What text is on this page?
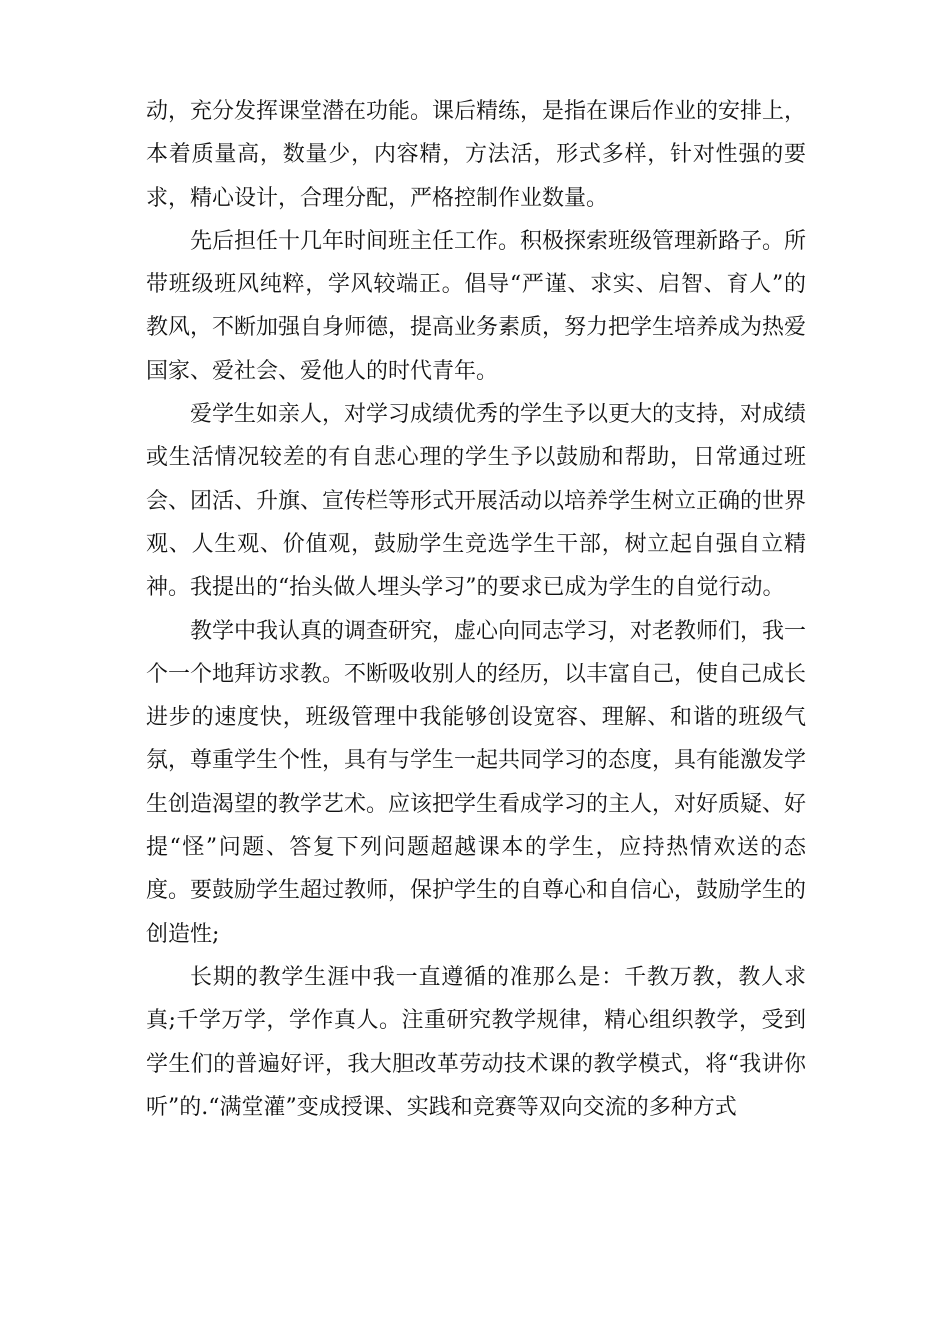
动，充分发挥课堂潜在功能。课后精练，是指在课后作业的安排上，本着质量高，数量少，内容精，方法活，形式多样，针对性强的要求，精心设计，合理分配，严格控制作业数量。

先后担任十几年时间班主任工作。积极探索班级管理新路子。所带班级班风纯粹，学风较端正。倡导“严谨、求实、启智、育人”的教风，不断加强自身师德，提高业务素质，努力把学生培养成为热爱国家、爱社会、爱他人的时代青年。

爱学生如亲人，对学习成绩优秀的学生予以更大的支持，对成绩或生活情况较差的有自悲心理的学生予以鼓励和帮助，日常通过班会、团活、升旗、宣传栏等形式开展活动以培养学生树立正确的世界观、人生观、价值观，鼓励学生竞选学生干部，树立起自强自立精神。我提出的“抬头做人埋头学习”的要求已成为学生的自觉行动。

教学中我认真的调查研究，虚心向同志学习，对老教师们，我一个一个地拜访求教。不断吸收别人的经历，以丰富自己，使自己成长进步的速度快，班级管理中我能够创设宽容、理解、和谐的班级气氛，尊重学生个性，具有与学生一起共同学习的态度，具有能激发学生创造渴望的教学艺术。应该把学生看成学习的主人，对好质疑、好提“怪”问题、答复下列问题超越课本的学生，应持热情欢送的态度。要鼓励学生超过教师，保护学生的自尊心和自信心，鼓励学生的创造性;

长期的教学生涯中我一直遵循的准那么是：千教万教，教人求真;千学万学，学作真人。注重研究教学规律，精心组织教学，受到学生们的普遍好评，我大胆改革劳动技术课的教学模式，将“我讲你听”的.“满堂灌”变成授课、实践和竞赛等双向交流的多种方式
